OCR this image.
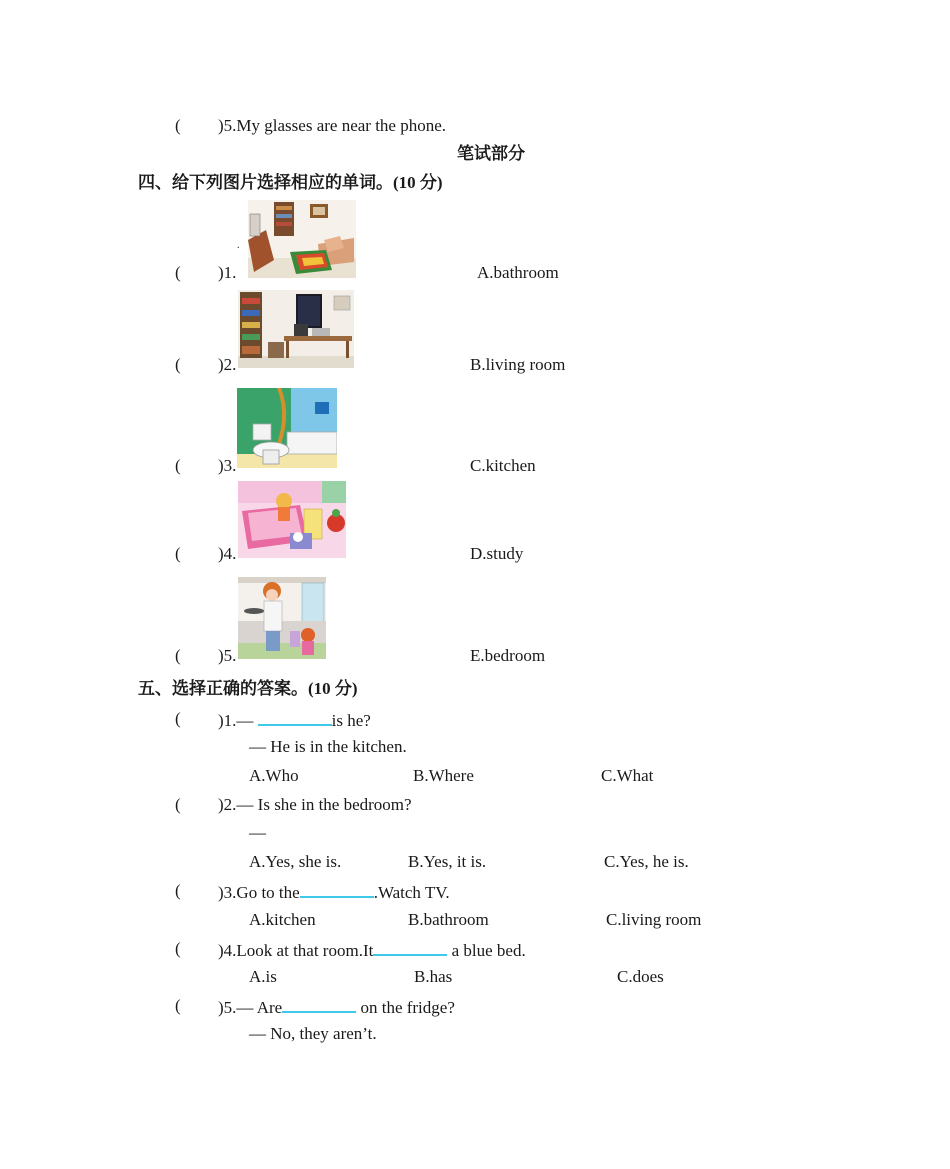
( )5.My glasses are near the phone.
笔试部分
四、给下列图片选择相应的单词。(10 分)
.
( )1.	A.bathroom
( )2.	B.living room
( )3.	C.kitchen
( )4.	D.study
( )5.	E.bedroom
五、选择正确的答案。(10 分)
( )1.—	is he?
— He is in the kitchen.
A.Who	B.Where	C.What
( )2.— Is she in the bedroom?
—
A.Yes, she is.	B.Yes, it is.	C.Yes, he is.
( )3.Go to the	.Watch TV.
A.kitchen	B.bathroom	C.living room
( )4.Look at that room.It	a blue bed.
A.is	B.has	C.does
( )5.— Are	on the fridge?
— No, they aren’t.
